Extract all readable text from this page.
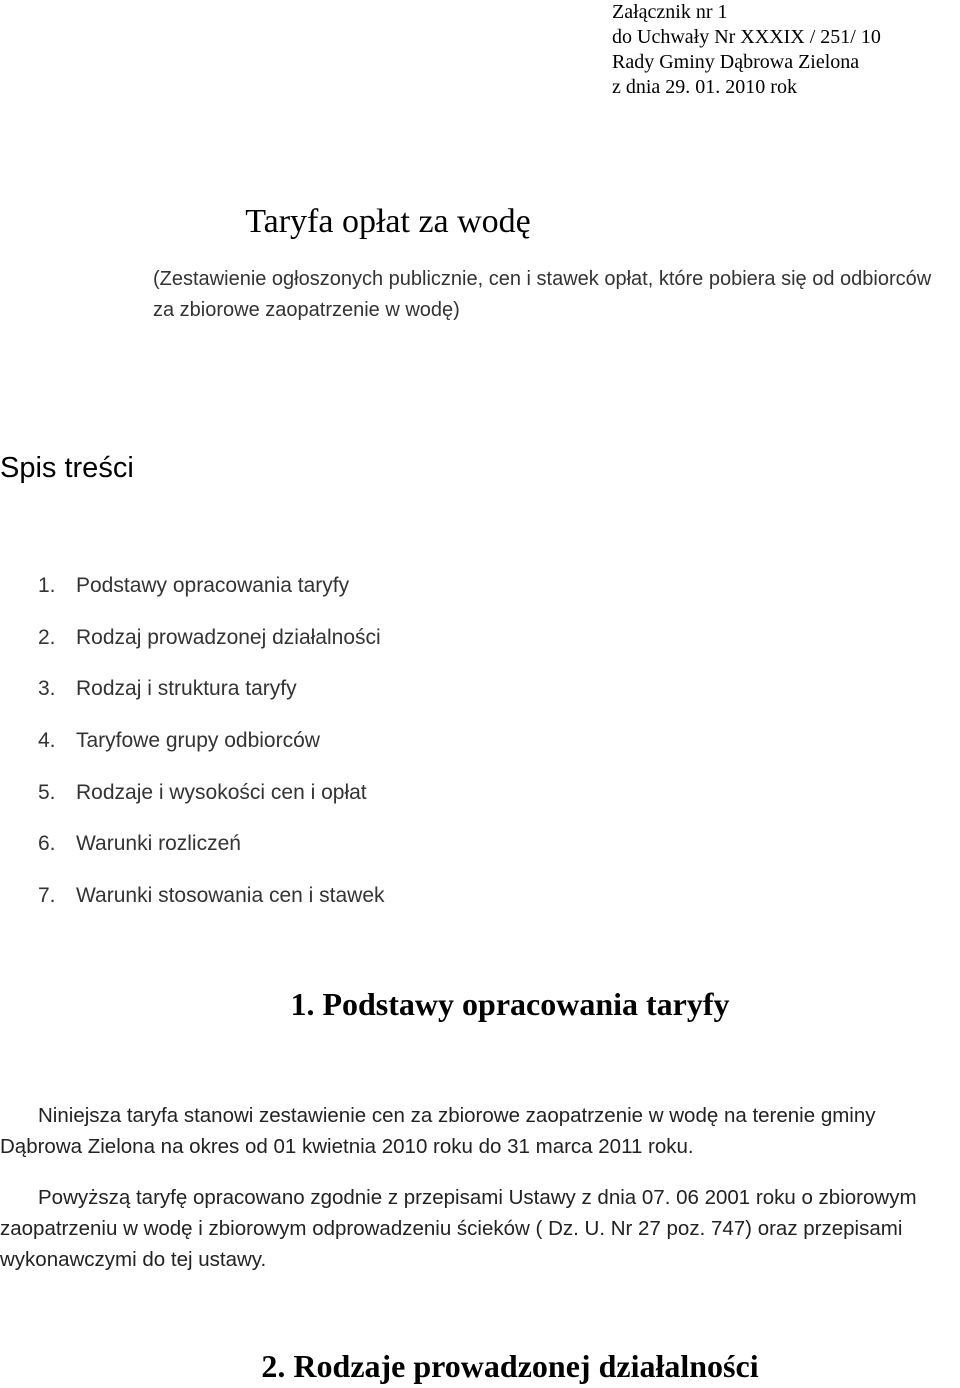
Załącznik nr 1
do Uchwały Nr XXXIX / 251/ 10
Rady Gminy Dąbrowa Zielona
z dnia 29. 01. 2010 rok
Taryfa opłat za wodę
(Zestawienie ogłoszonych publicznie, cen i stawek opłat, które pobiera się od odbiorców za zbiorowe zaopatrzenie w wodę)
Spis treści
1. Podstawy opracowania taryfy
2. Rodzaj prowadzonej działalności
3. Rodzaj i struktura taryfy
4. Taryfowe grupy odbiorców
5. Rodzaje i wysokości cen i opłat
6. Warunki rozliczeń
7. Warunki stosowania cen i stawek
1. Podstawy opracowania taryfy

Niniejsza taryfa stanowi zestawienie cen za zbiorowe zaopatrzenie w wodę na terenie gminy Dąbrowa Zielona na okres od 01 kwietnia 2010 roku do 31 marca 2011 roku.

Powyższą taryfę opracowano zgodnie z przepisami Ustawy z dnia 07. 06 2001 roku o zbiorowym zaopatrzeniu w wodę i zbiorowym odprowadzeniu ścieków ( Dz. U. Nr 27 poz. 747) oraz przepisami wykonawczymi do tej ustawy.

2. Rodzaje prowadzonej działalności
